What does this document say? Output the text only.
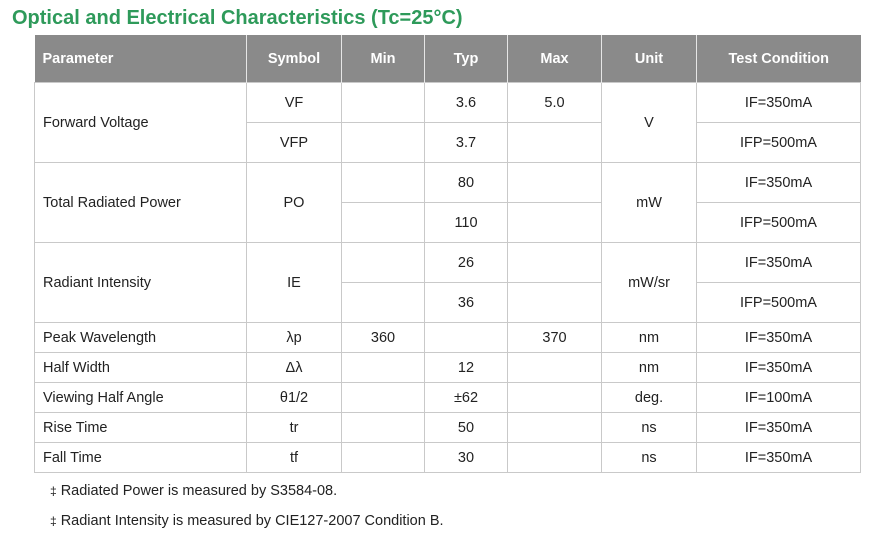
Optical and Electrical Characteristics (Tc=25°C)
Parameter	Symbol	Min	Typ	Max	Unit	Test Condition
Forward Voltage	VF		3.6	5.0	V	IF=350mA
	VFP		3.7			IFP=500mA
Total Radiated Power	PO		80		mW	IF=350mA
			110			IFP=500mA
Radiant Intensity	IE		26		mW/sr	IF=350mA
			36			IFP=500mA
Peak Wavelength	λp	360		370	nm	IF=350mA
Half Width	Δλ		12		nm	IF=350mA
Viewing Half Angle	θ1/2		±62		deg.	IF=100mA
Rise Time	tr		50		ns	IF=350mA
Fall Time	tf		30		ns	IF=350mA
‡ Radiated Power is measured by S3584-08.
‡ Radiant Intensity is measured by CIE127-2007 Condition B.
